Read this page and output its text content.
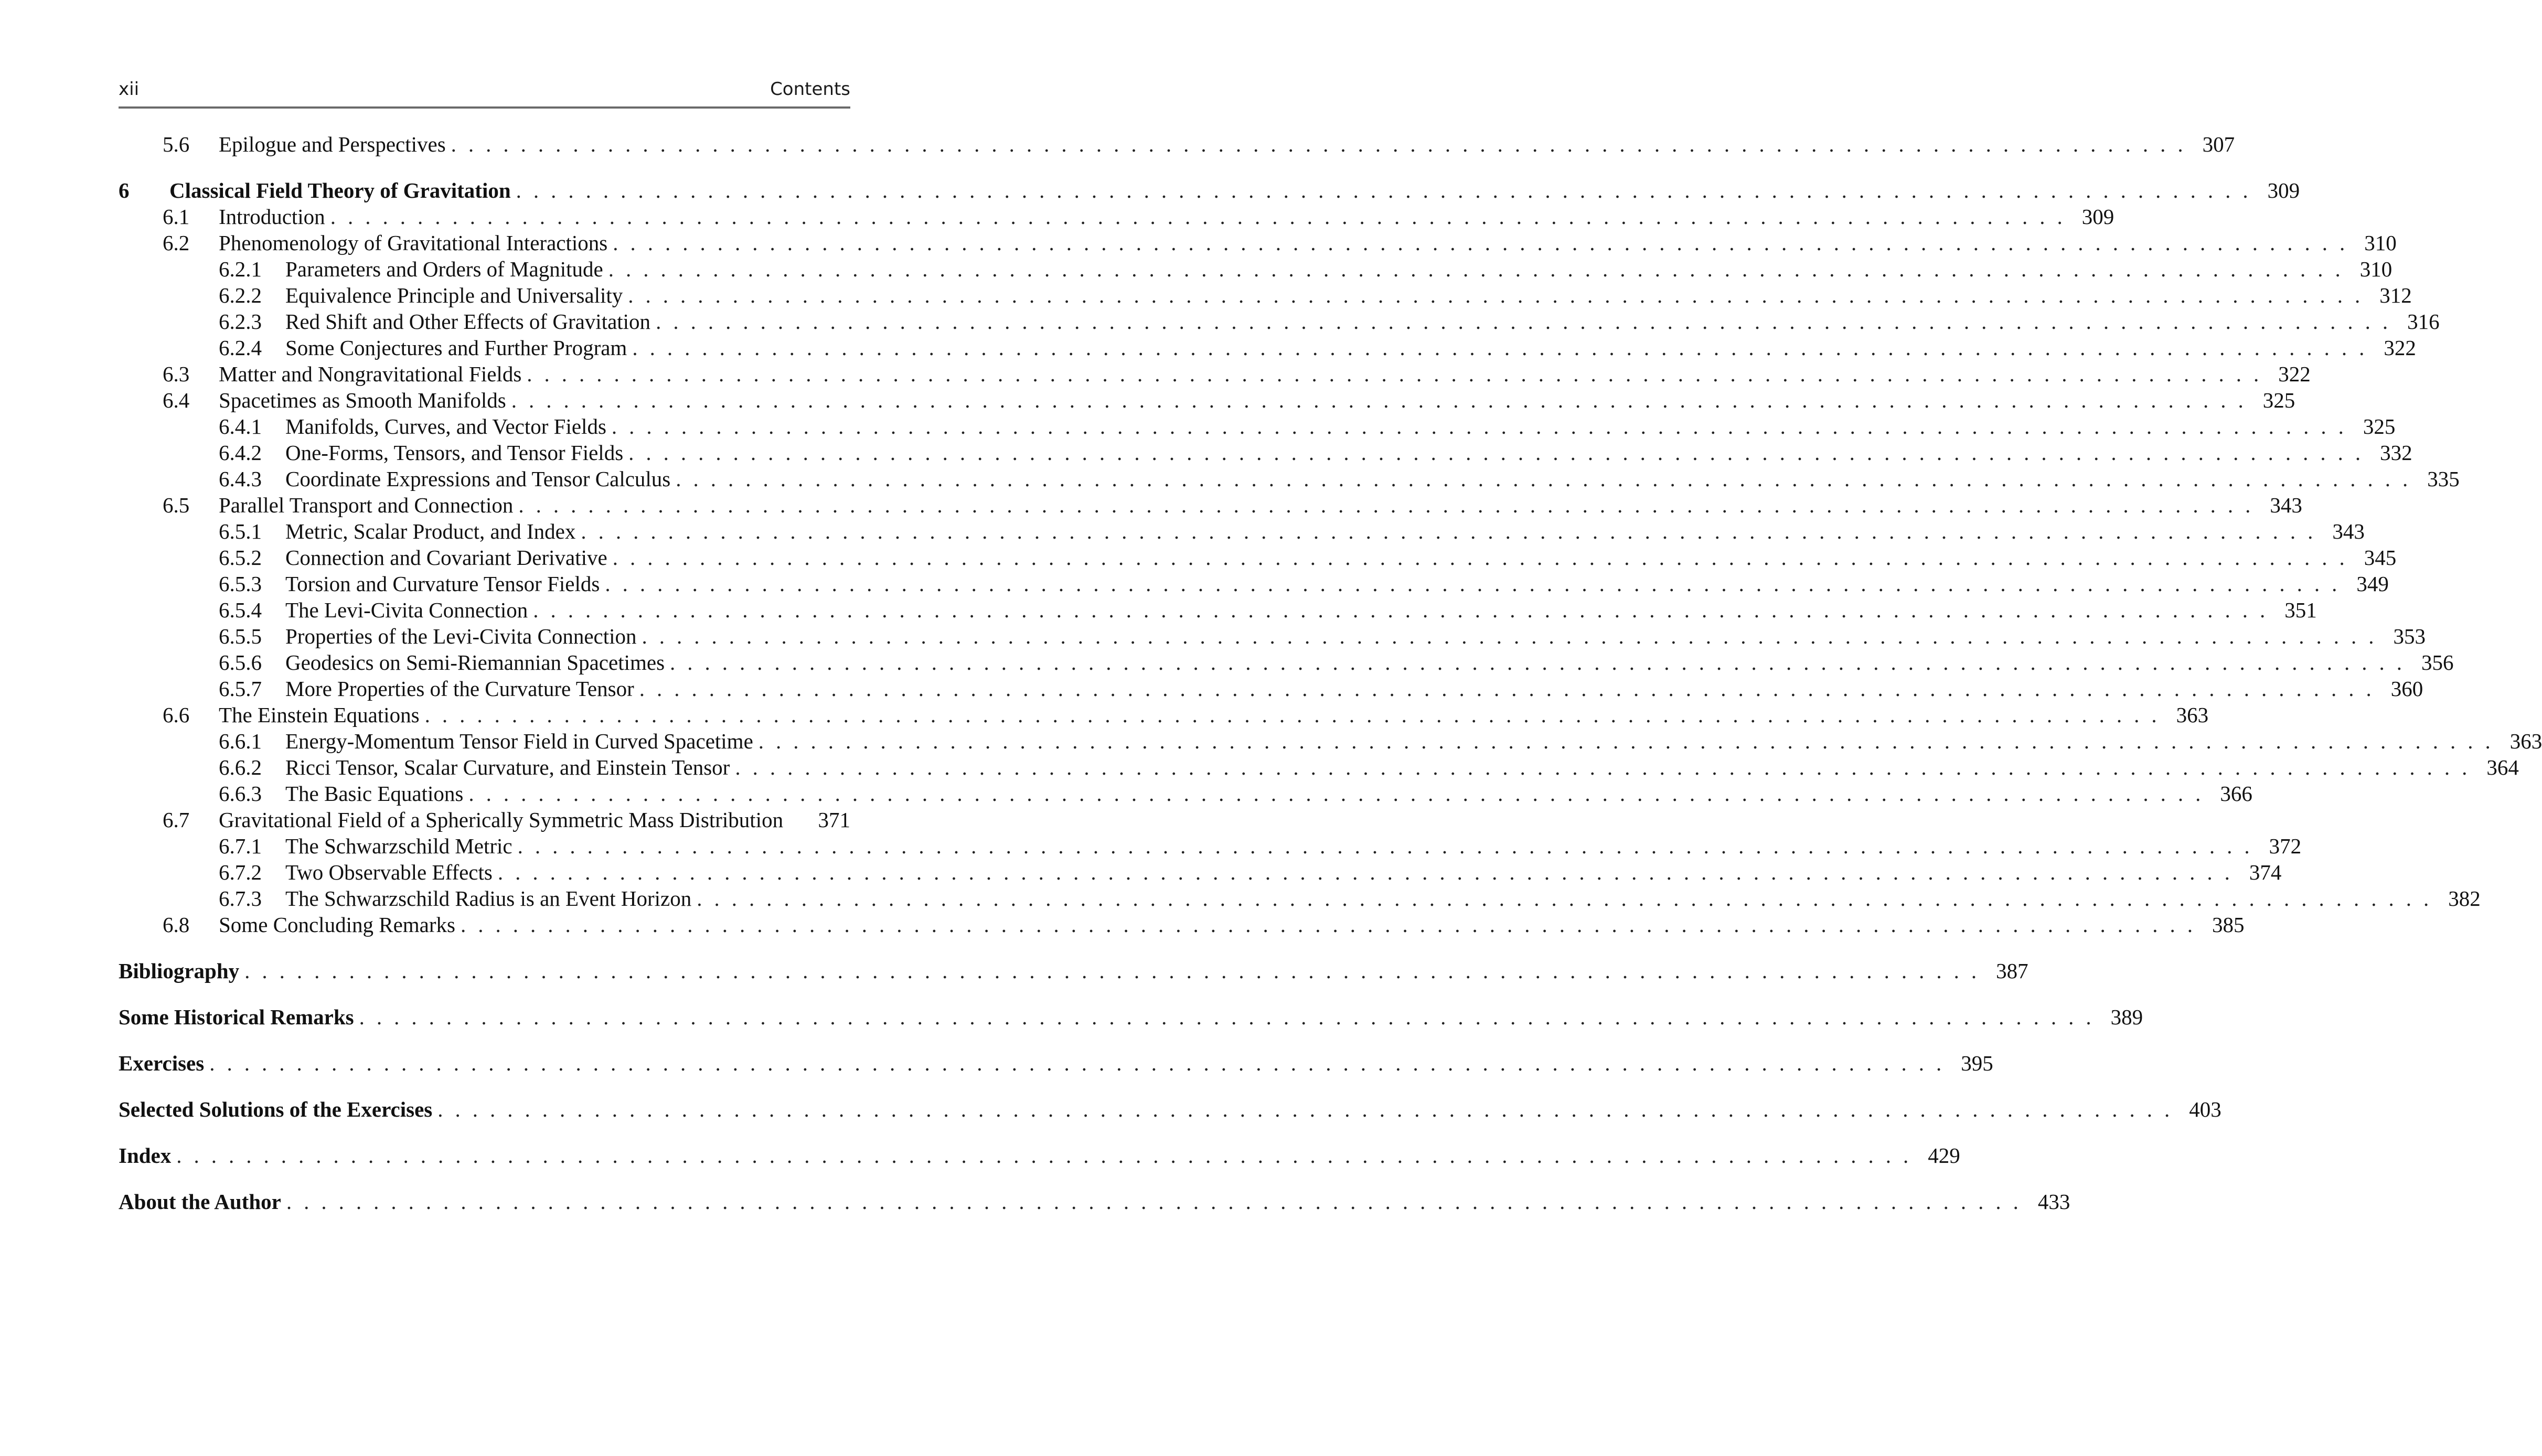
xii	Contents
5.6 Epilogue and Perspectives .................................................................................................... 307
6 Classical Field Theory of Gravitation .................................................................................................... 309
6.1 Introduction .................................................................................................... 309
6.2 Phenomenology of Gravitational Interactions .................................................................................................... 310
6.2.1 Parameters and Orders of Magnitude .................................................................................................... 310
6.2.2 Equivalence Principle and Universality .................................................................................................... 312
6.2.3 Red Shift and Other Effects of Gravitation .................................................................................................... 316
6.2.4 Some Conjectures and Further Program .................................................................................................... 322
6.3 Matter and Nongravitational Fields .................................................................................................... 322
6.4 Spacetimes as Smooth Manifolds .................................................................................................... 325
6.4.1 Manifolds, Curves, and Vector Fields .................................................................................................... 325
6.4.2 One-Forms, Tensors, and Tensor Fields .................................................................................................... 332
6.4.3 Coordinate Expressions and Tensor Calculus .................................................................................................... 335
6.5 Parallel Transport and Connection .................................................................................................... 343
6.5.1 Metric, Scalar Product, and Index .................................................................................................... 343
6.5.2 Connection and Covariant Derivative .................................................................................................... 345
6.5.3 Torsion and Curvature Tensor Fields .................................................................................................... 349
6.5.4 The Levi-Civita Connection .................................................................................................... 351
6.5.5 Properties of the Levi-Civita Connection .................................................................................................... 353
6.5.6 Geodesics on Semi-Riemannian Spacetimes .................................................................................................... 356
6.5.7 More Properties of the Curvature Tensor .................................................................................................... 360
6.6 The Einstein Equations .................................................................................................... 363
6.6.1 Energy-Momentum Tensor Field in Curved Spacetime .................................................................................................... 363
6.6.2 Ricci Tensor, Scalar Curvature, and Einstein Tensor .................................................................................................... 364
6.6.3 The Basic Equations .................................................................................................... 366
6.7 Gravitational Field of a Spherically Symmetric Mass Distribution	371
6.7.1 The Schwarzschild Metric .................................................................................................... 372
6.7.2 Two Observable Effects .................................................................................................... 374
6.7.3 The Schwarzschild Radius is an Event Horizon .................................................................................................... 382
6.8 Some Concluding Remarks .................................................................................................... 385
Bibliography .................................................................................................... 387
Some Historical Remarks .................................................................................................... 389
Exercises .................................................................................................... 395
Selected Solutions of the Exercises .................................................................................................... 403
Index .................................................................................................... 429
About the Author .................................................................................................... 433
